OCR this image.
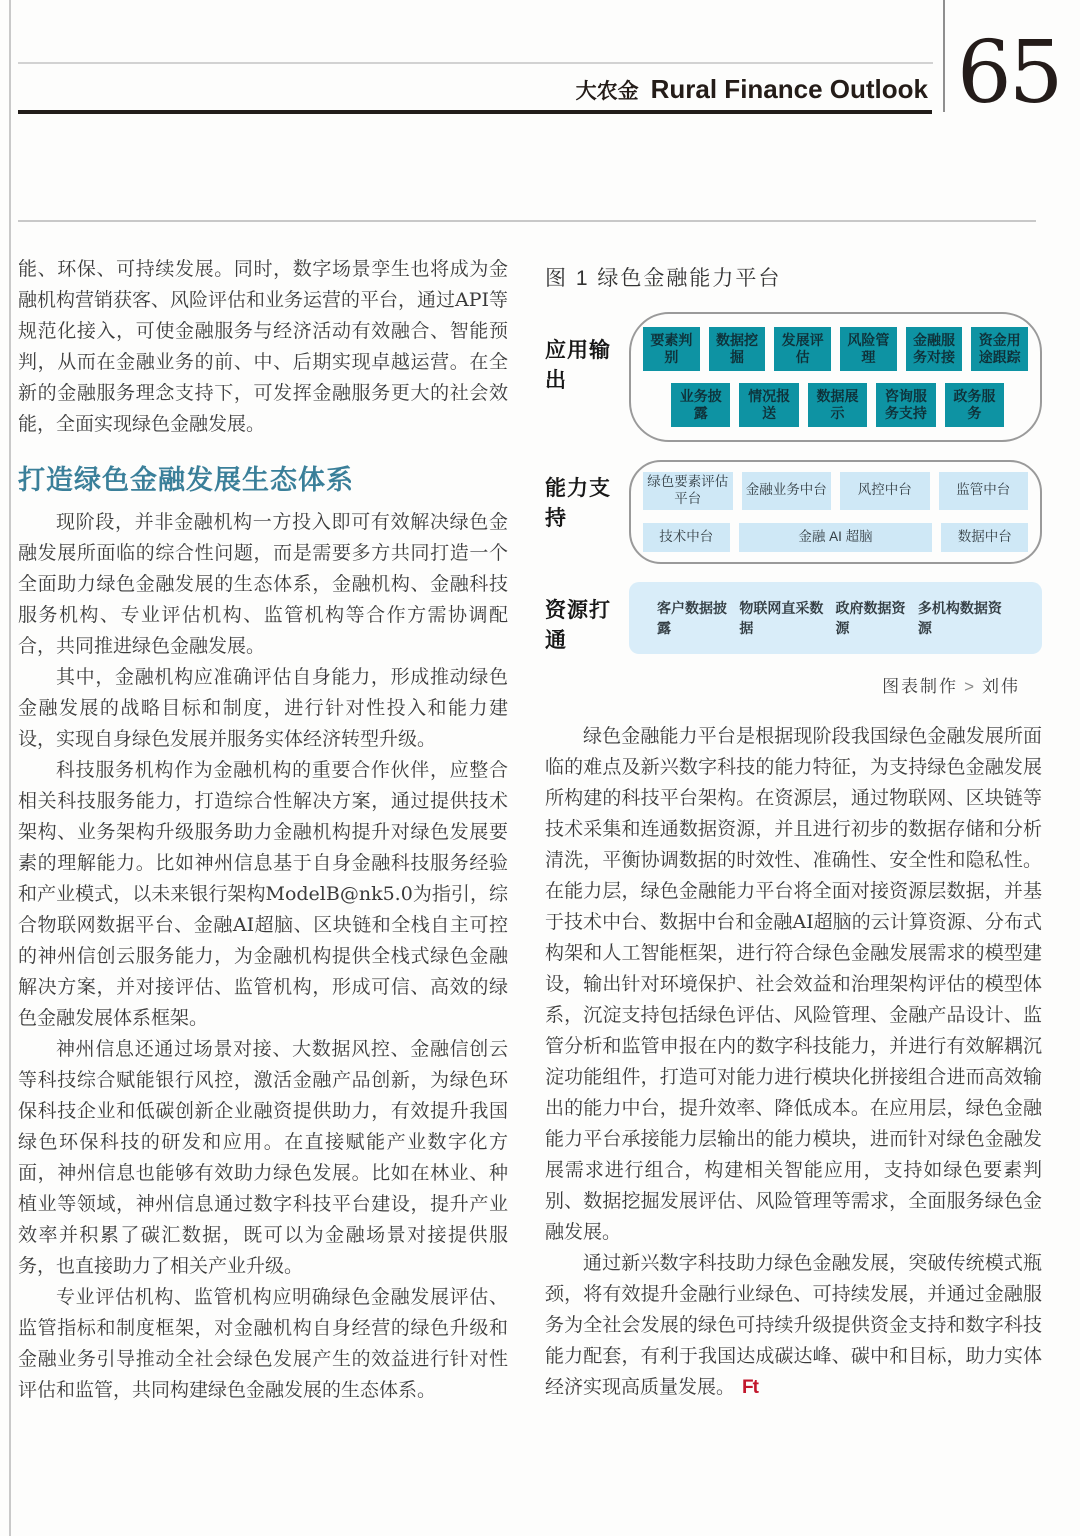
大农金 Rural Finance Outlook 65

能、环保、可持续发展。同时，数字场景孪生也将成为金融机构营销获客、风险评估和业务运营的平台，通过API等规范化接入，可使金融服务与经济活动有效融合、智能预判，从而在金融业务的前、中、后期实现卓越运营。在全新的金融服务理念支持下，可发挥金融服务更大的社会效能，全面实现绿色金融发展。

打造绿色金融发展生态体系

现阶段，并非金融机构一方投入即可有效解决绿色金融发展所面临的综合性问题，而是需要多方共同打造一个全面助力绿色金融发展的生态体系，金融机构、金融科技服务机构、专业评估机构、监管机构等合作方需协调配合，共同推进绿色金融发展。

其中，金融机构应准确评估自身能力，形成推动绿色金融发展的战略目标和制度，进行针对性投入和能力建设，实现自身绿色发展并服务实体经济转型升级。

科技服务机构作为金融机构的重要合作伙伴，应整合相关科技服务能力，打造综合性解决方案，通过提供技术架构、业务架构升级服务助力金融机构提升对绿色发展要素的理解能力。比如神州信息基于自身金融科技服务经验和产业模式，以未来银行架构ModelB@nk5.0为指引，综合物联网数据平台、金融AI超脑、区块链和全栈自主可控的神州信创云服务能力，为金融机构提供全栈式绿色金融解决方案，并对接评估、监管机构，形成可信、高效的绿色金融发展体系框架。

神州信息还通过场景对接、大数据风控、金融信创云等科技综合赋能银行风控，激活金融产品创新，为绿色环保科技企业和低碳创新企业融资提供助力，有效提升我国绿色环保科技的研发和应用。在直接赋能产业数字化方面，神州信息也能够有效助力绿色发展。比如在林业、种植业等领域，神州信息通过数字科技平台建设，提升产业效率并积累了碳汇数据，既可以为金融场景对接提供服务，也直接助力了相关产业升级。

专业评估机构、监管机构应明确绿色金融发展评估、监管指标和制度框架，对金融机构自身经营的绿色升级和金融业务引导推动全社会绿色发展产生的效益进行针对性评估和监管，共同构建绿色金融发展的生态体系。

图 1 绿色金融能力平台
应用输出
要素判别
数据挖掘
发展评估
风险管理
金融服务对接
资金用途跟踪
业务披露
情况报送
数据展示
咨询服务支持
政务服务
能力支持
绿色要素评估平台
金融业务中台	风控中台	监管中台
技术中台	金融 AI 超脑	数据中台
资源打通
客户数据披露
物联网直采数据
政府数据资源
多机构数据资源
图表制作 > 刘伟

绿色金融能力平台是根据现阶段我国绿色金融发展所面临的难点及新兴数字科技的能力特征，为支持绿色金融发展所构建的科技平台架构。在资源层，通过物联网、区块链等技术采集和连通数据资源，并且进行初步的数据存储和分析清洗，平衡协调数据的时效性、准确性、安全性和隐私性。在能力层，绿色金融能力平台将全面对接资源层数据，并基于技术中台、数据中台和金融AI超脑的云计算资源、分布式构架和人工智能框架，进行符合绿色金融发展需求的模型建设，输出针对环境保护、社会效益和治理架构评估的模型体系，沉淀支持包括绿色评估、风险管理、金融产品设计、监管分析和监管申报在内的数字科技能力，并进行有效解耦沉淀功能组件，打造可对能力进行模块化拼接组合进而高效输出的能力中台，提升效率、降低成本。在应用层，绿色金融能力平台承接能力层输出的能力模块，进而针对绿色金融发展需求进行组合，构建相关智能应用，支持如绿色要素判别、数据挖掘发展评估、风险管理等需求，全面服务绿色金融发展。

通过新兴数字科技助力绿色金融发展，突破传统模式瓶颈，将有效提升金融行业绿色、可持续发展，并通过金融服务为全社会发展的绿色可持续升级提供资金支持和数字科技能力配套，有利于我国达成碳达峰、碳中和目标，助力实体经济实现高质量发展。 Ft
